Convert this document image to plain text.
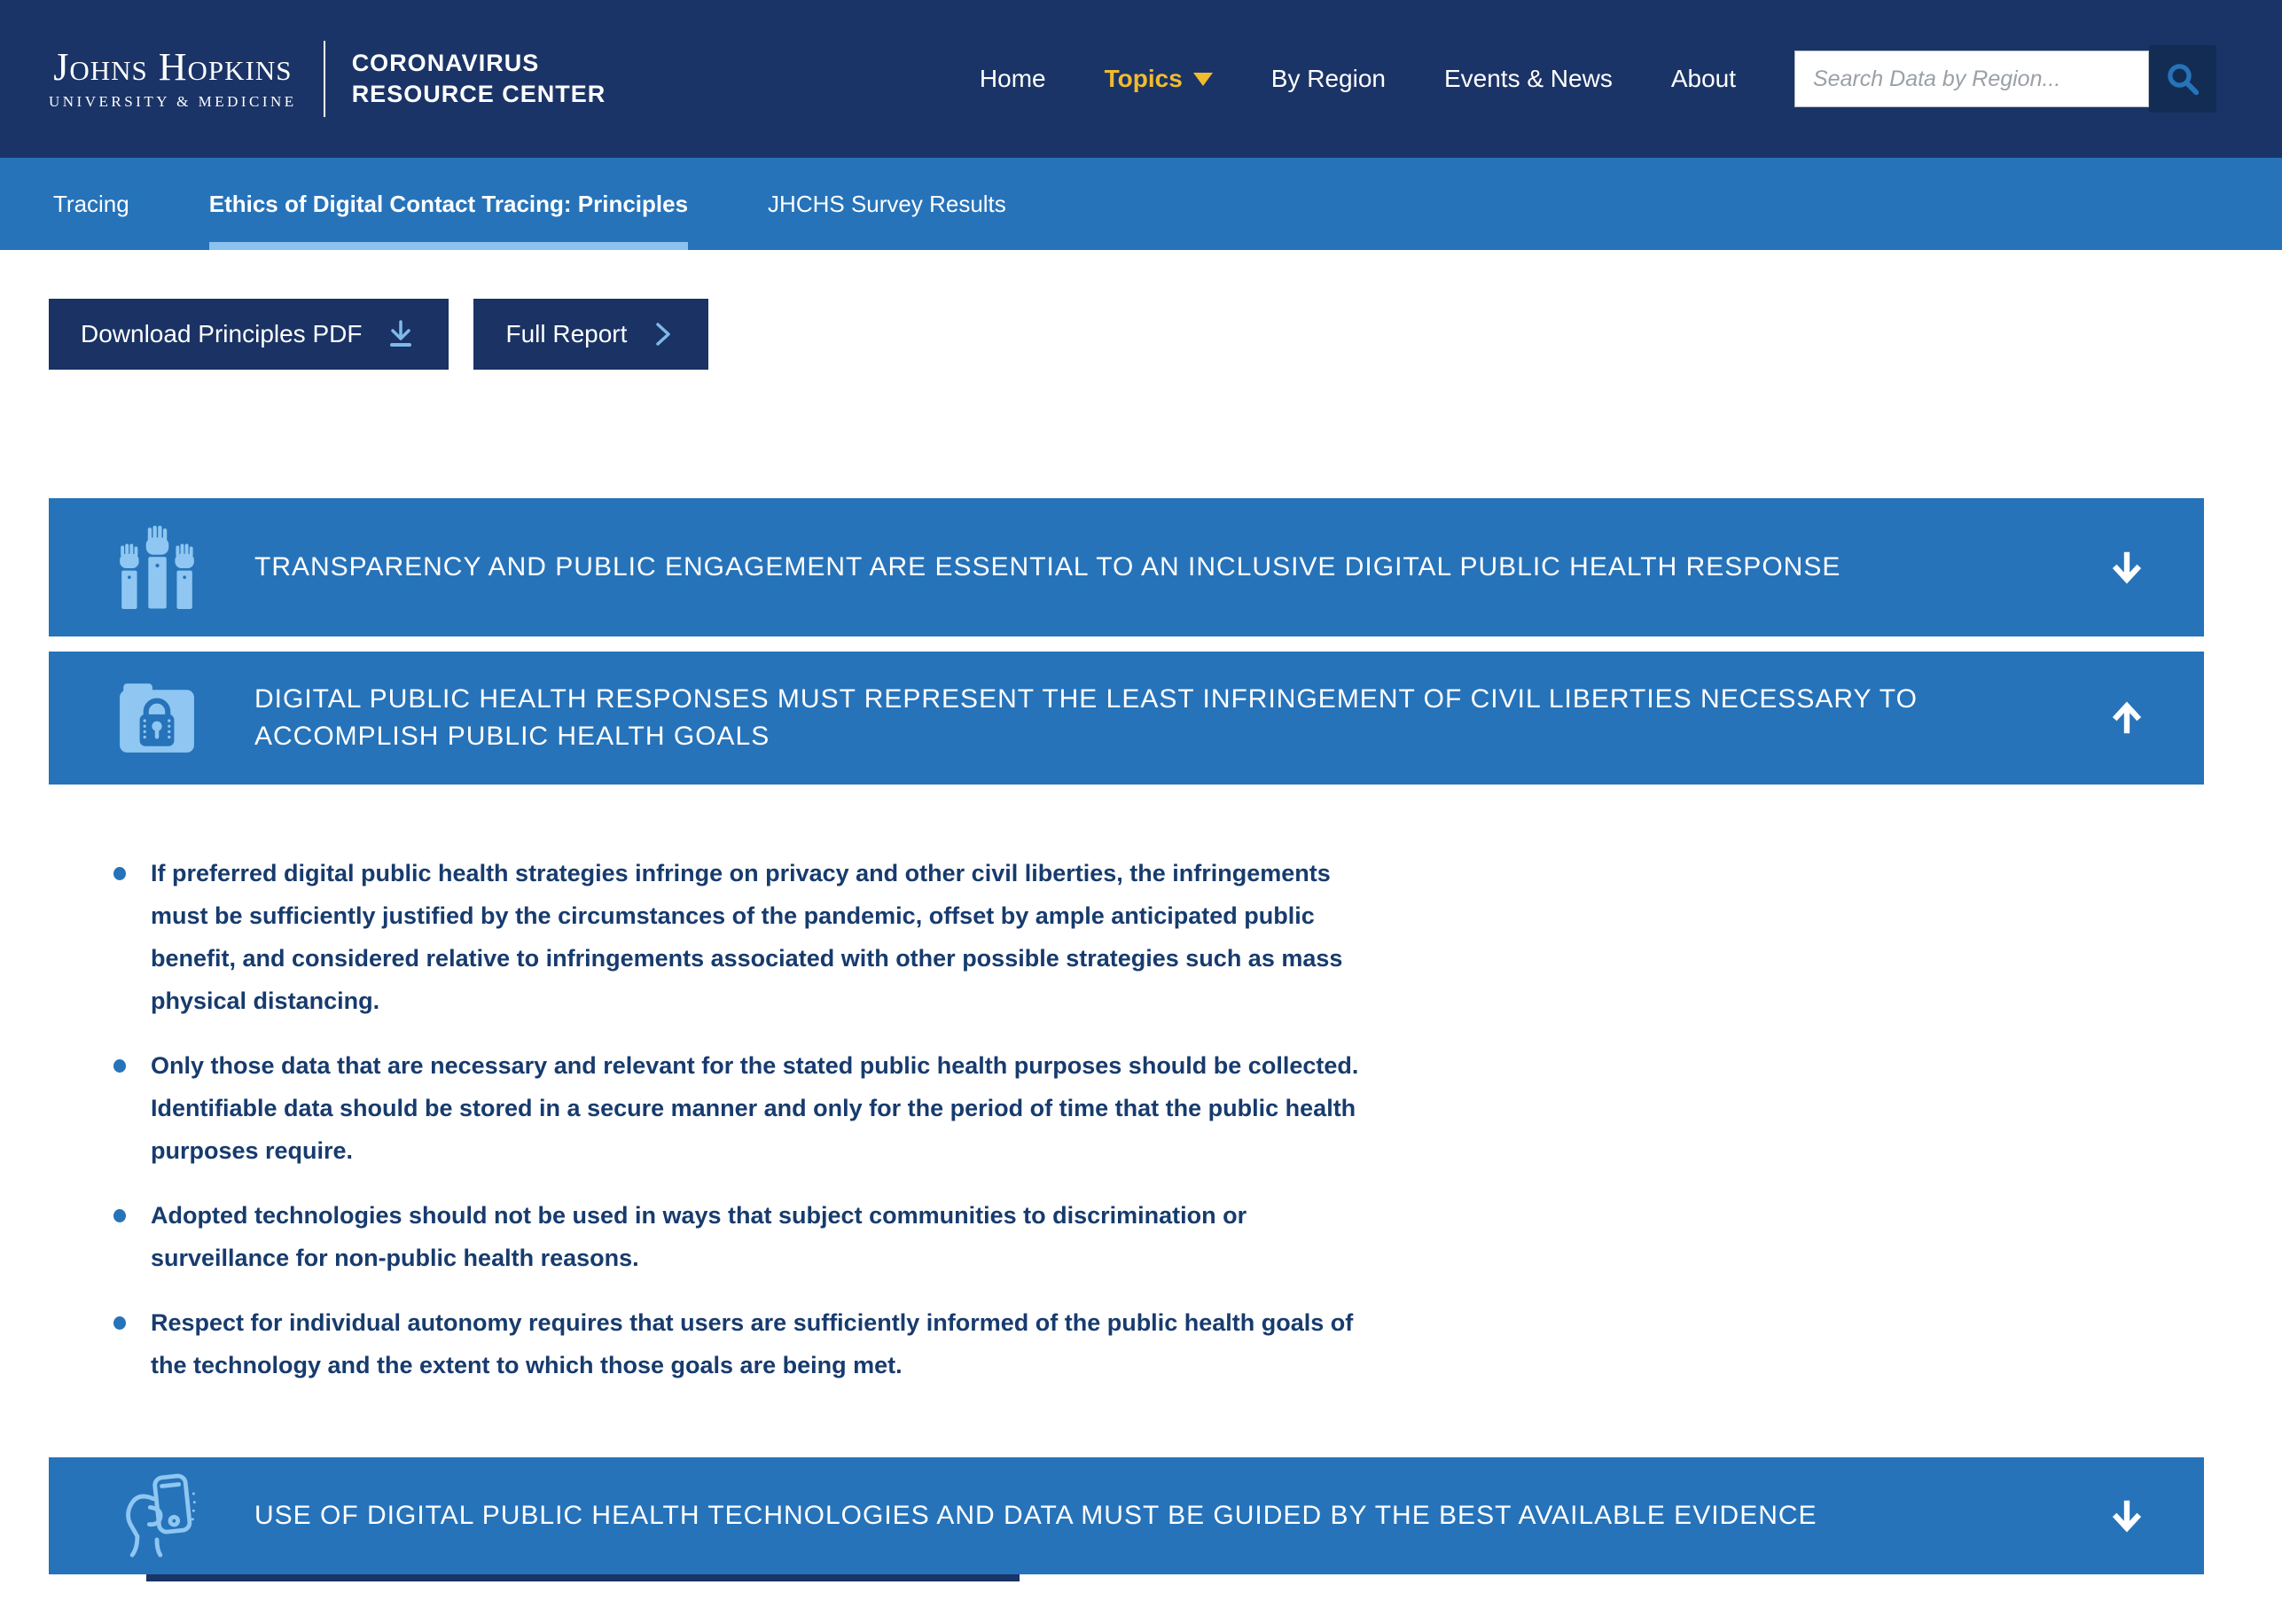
Johns Hopkins
UNIVERSITY & MEDICINE
CORONAVIRUS
RESOURCE CENTER
Home Topics	By Region Events & News About
Search Data by Region...
Tracing	Ethics of Digital Contact Tracing: Principles	JHCHS Survey Results
Download Principles PDF	Full Report
TRANSPARENCY AND PUBLIC ENGAGEMENT ARE ESSENTIAL TO AN INCLUSIVE DIGITAL PUBLIC HEALTH RESPONSE
DIGITAL PUBLIC HEALTH RESPONSES MUST REPRESENT THE LEAST INFRINGEMENT OF CIVIL LIBERTIES NECESSARY TO ACCOMPLISH PUBLIC HEALTH GOALS
If preferred digital public health strategies infringe on privacy and other civil liberties, the infringements must be sufficiently justified by the circumstances of the pandemic, offset by ample anticipated public benefit, and considered relative to infringements associated with other possible strategies such as mass physical distancing.
Only those data that are necessary and relevant for the stated public health purposes should be collected. Identifiable data should be stored in a secure manner and only for the period of time that the public health purposes require.
Adopted technologies should not be used in ways that subject communities to discrimination or surveillance for non-public health reasons.
Respect for individual autonomy requires that users are sufficiently informed of the public health goals of the technology and the extent to which those goals are being met.
USE OF DIGITAL PUBLIC HEALTH TECHNOLOGIES AND DATA MUST BE GUIDED BY THE BEST AVAILABLE EVIDENCE
